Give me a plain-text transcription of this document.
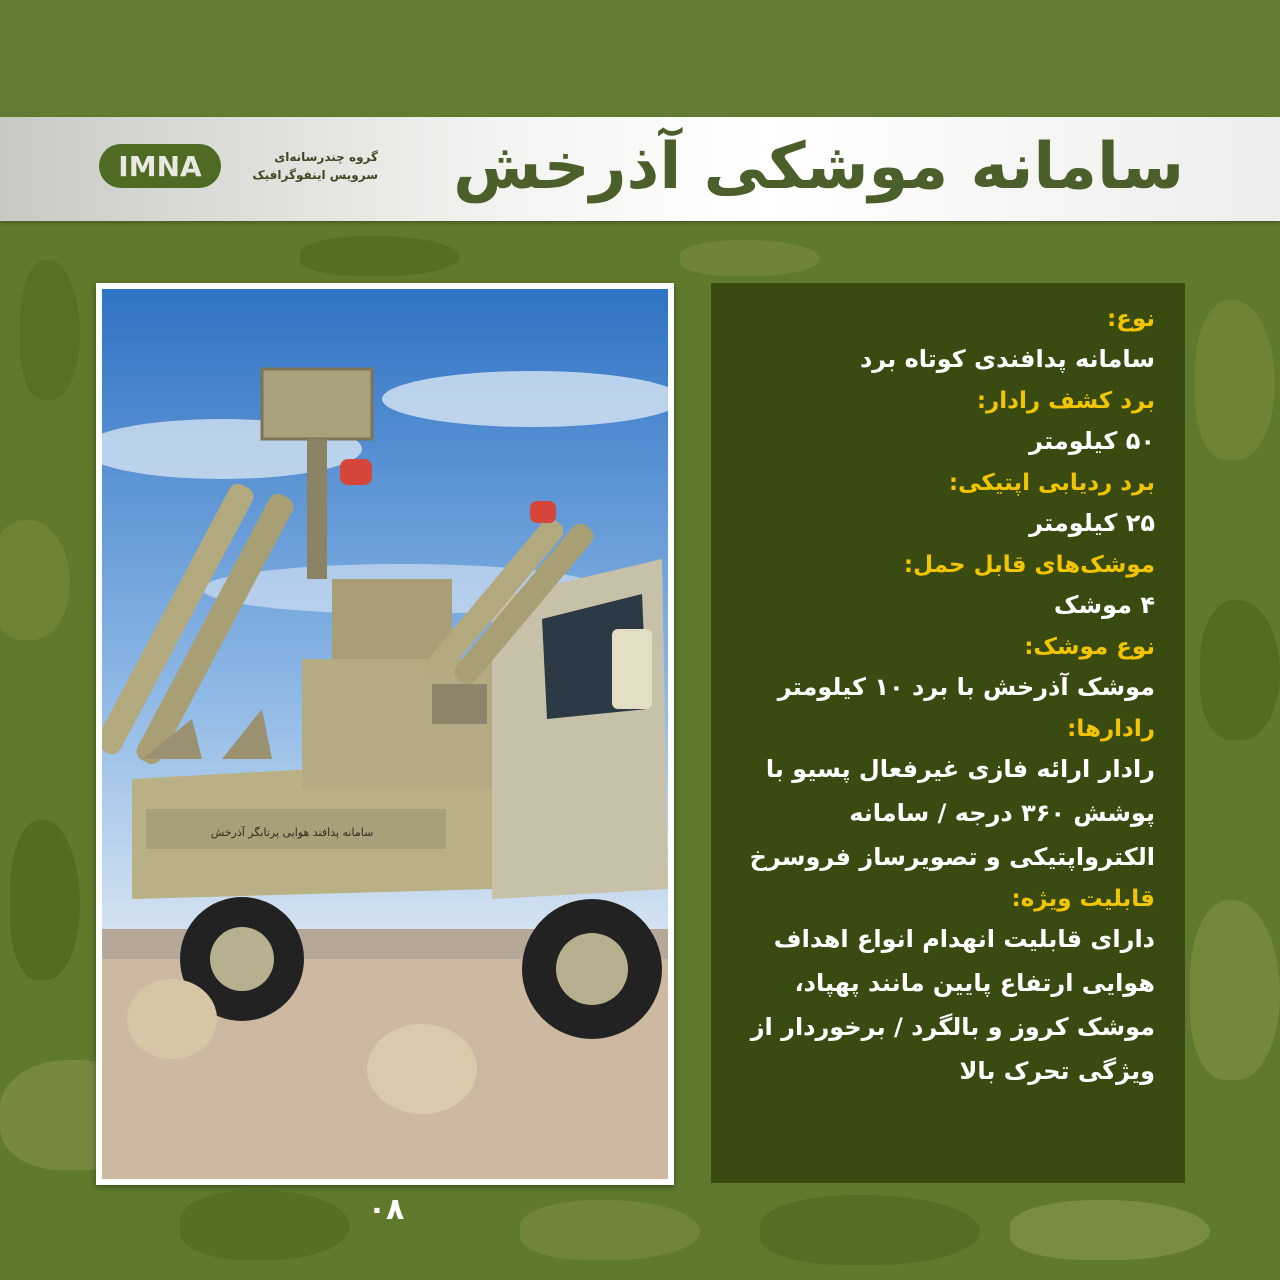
سامانه موشکی آذرخش
IMNA	گروه چندرسانه‌ای
سرویس اینفوگرافیک
سامانه پدافند هوایی پرتابگر آذرخش
نوع:
سامانه پدافندی کوتاه برد
برد کشف رادار:
۵۰ کیلومتر
برد ردیابی اپتیکی:
۲۵ کیلومتر
موشک‌های قابل حمل:
۴ موشک
نوع موشک:
موشک آذرخش با برد ۱۰ کیلومتر
رادارها:
رادار ارائه فازی غیرفعال پسیو با پوشش ۳۶۰ درجه / سامانه الکترواپتیکی و تصویرساز فروسرخ
قابلیت ویژه:
دارای قابلیت انهدام انواع اهداف هوایی ارتفاع پایین مانند پهپاد، موشک کروز و بالگرد / برخوردار از ویژگی تحرک بالا
۰۸
